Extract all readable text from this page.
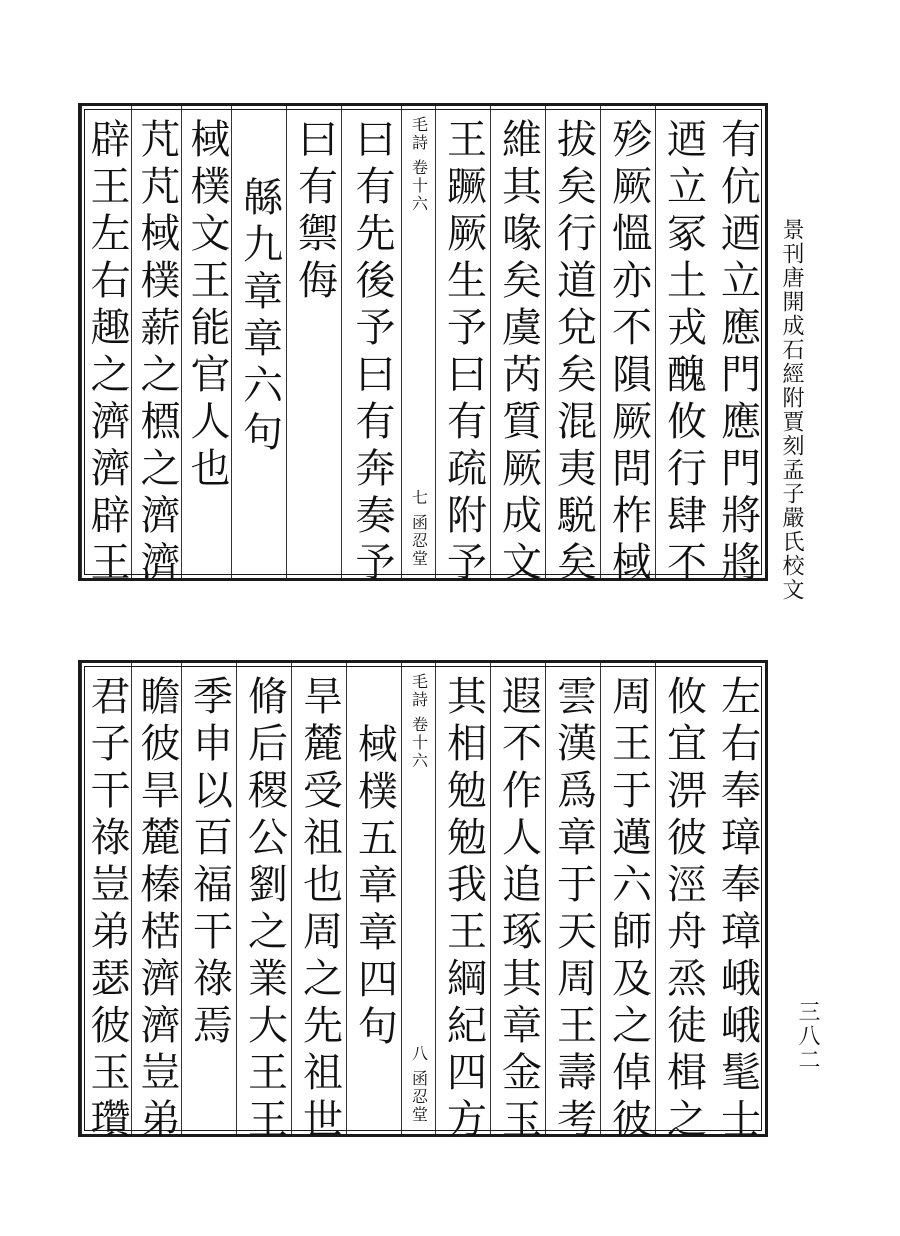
景刊唐開成石經附賈刻孟子嚴氏校文
三八二
辟王左右趣之濟濟辟王 芃芃棫樸薪之槱之濟濟 棫樸文王能官人也 緜九章章六句 曰有禦侮 曰有先後予曰有奔奏予 毛詩 卷十六
七 函忍堂 王蹶厥生予曰有疏附予 維其喙矣虞芮質厥成文 拔矣行道兌矣混夷駾矣 殄厥慍亦不隕厥問柞棫 迺立冢土戎醜攸行肆不 有伉迺立應門應門將將
君子干祿豈弟瑟彼玉瓚 瞻彼旱麓榛楛濟濟豈弟 季申以百福干祿焉 脩后稷公劉之業大王王 旱麓受祖也周之先祖世 棫樸五章章四句
毛詩 卷十六
八 函忍堂 其相勉勉我王綱紀四方 遐不作人追琢其章金玉 雲漢爲章于天周王壽考 周王于邁六師及之倬彼 攸宜淠彼涇舟烝徒楫之 左右奉璋奉璋峨峨髦士
